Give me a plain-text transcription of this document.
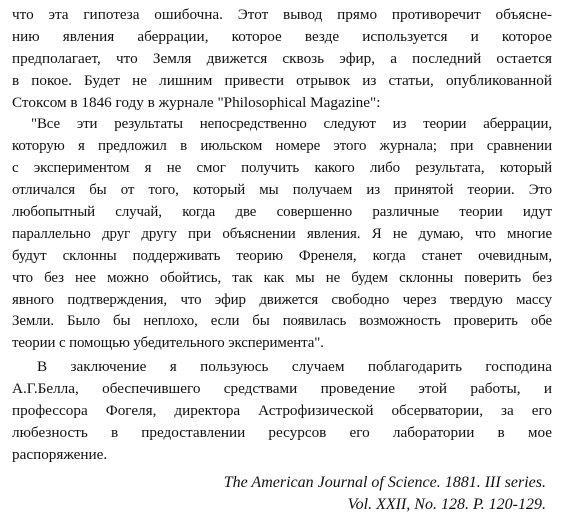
что эта гипотеза ошибочна. Этот вывод прямо противоречит объясне-
нию явления аберрации, которое везде используется и которое
предполагает, что Земля движется сквозь эфир, а последний остается
в покое. Будет не лишним привести отрывок из статьи, опубликованной
Стоксом в 1846 году в журнале "Philosophical Magazine":
"Все эти результаты непосредственно следуют из теории аберрации,
которую я предложил в июльском номере этого журнала; при сравнении
с экспериментом я не смог получить какого либо результата, который
отличался бы от того, который мы получаем из принятой теории. Это
любопытный случай, когда две совершенно различные теории идут
параллельно друг другу при объяснении явления. Я не думаю, что многие
будут склонны поддерживать теорию Френеля, когда станет очевидным,
что без нее можно обойтись, так как мы не будем склонны поверить без
явного подтверждения, что эфир движется свободно через твердую массу
Земли. Было бы неплохо, если бы появилась возможность проверить обе
теории с помощью убедительного эксперимента".
В заключение я пользуюсь случаем поблагодарить господина
А.Г.Белла, обеспечившего средствами проведение этой работы, и
профессора Фогеля, директора Астрофизической обсерватории, за его
любезность в предоставлении ресурсов его лаборатории в мое
распоряжение.
The American Journal of Science. 1881. III series.
Vol. XXII, No. 128. P. 120-129.
